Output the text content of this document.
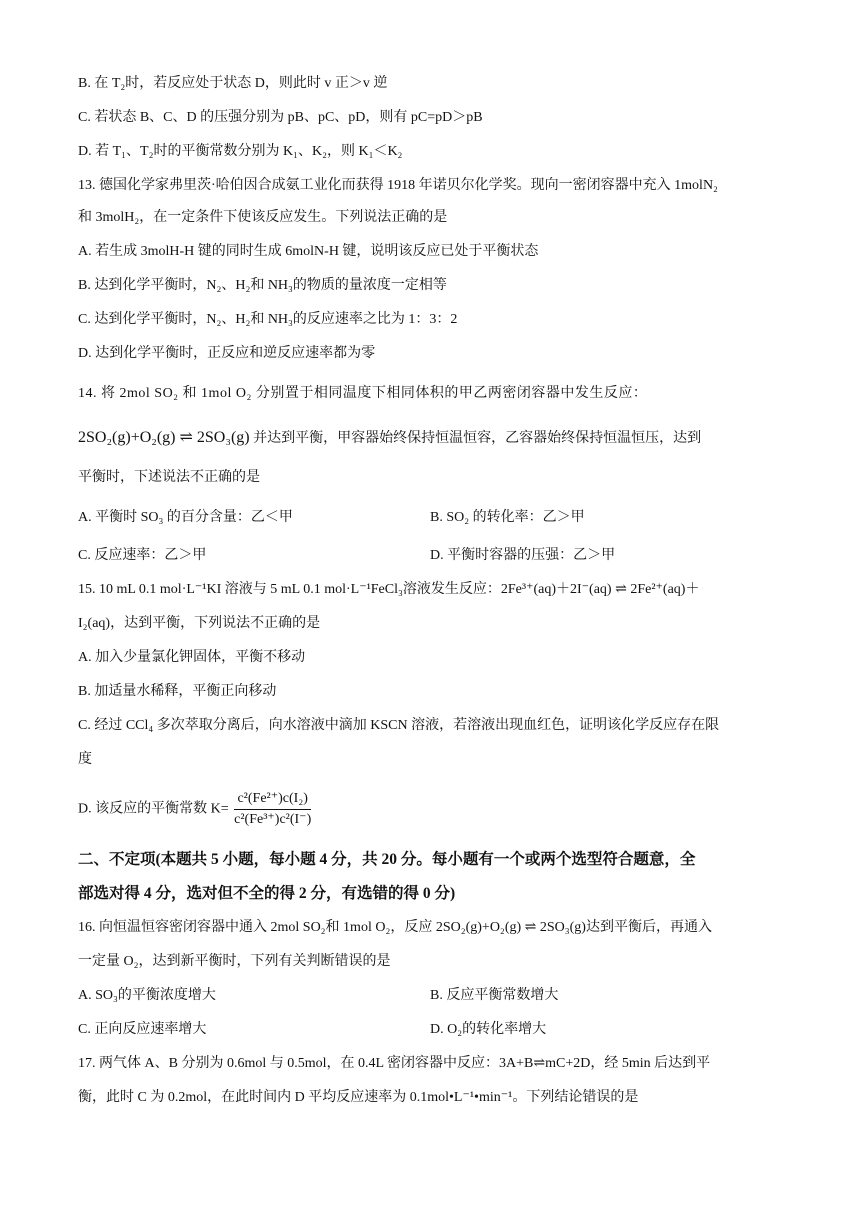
B. 在 T₂时，若反应处于状态 D，则此时 v 正＞v 逆
C. 若状态 B、C、D 的压强分别为 pB、pC、pD，则有 pC=pD＞pB
D. 若 T₁、T₂时的平衡常数分别为 K₁、K₂，则 K₁＜K₂
13. 德国化学家弗里茨·哈伯因合成氨工业化而获得 1918 年诺贝尔化学奖。现向一密闭容器中充入 1molN₂
和 3molH₂，在一定条件下使该反应发生。下列说法正确的是
A. 若生成 3molH-H 键的同时生成 6molN-H 键，说明该反应已处于平衡状态
B. 达到化学平衡时，N₂、H₂和 NH₃的物质的量浓度一定相等
C. 达到化学平衡时，N₂、H₂和 NH₃的反应速率之比为 1：3：2
D. 达到化学平衡时，正反应和逆反应速率都为零
14. 将 2mol SO₂ 和 1mol O₂ 分别置于相同温度下相同体积的甲乙两密闭容器中发生反应：
2SO₂(g)+O₂(g) ⇌ 2SO₃(g) 并达到平衡，甲容器始终保持恒温恒容，乙容器始终保持恒温恒压，达到
平衡时，下述说法不正确的是
A. 平衡时 SO₃ 的百分含量：乙＜甲	B. SO₂ 的转化率：乙＞甲
C. 反应速率：乙＞甲	D. 平衡时容器的压强：乙＞甲
15. 10 mL 0.1 mol·L⁻¹KI 溶液与 5 mL 0.1 mol·L⁻¹FeCl₃溶液发生反应：2Fe³⁺(aq)＋2I⁻(aq) ⇌ 2Fe²⁺(aq)＋
I₂(aq)，达到平衡，下列说法不正确的是
A. 加入少量氯化钾固体，平衡不移动
B. 加适量水稀释，平衡正向移动
C. 经过 CCl₄ 多次萃取分离后，向水溶液中滴加 KSCN 溶液，若溶液出现血红色，证明该化学反应存在限
度
D. 该反应的平衡常数 $K= \frac{\text{c²(Fe²⁺)c(I₂)}}{\text{c²(Fe³⁺)c²(I⁻)}}$
二、不定项(本题共 5 小题，每小题 4 分，共 20 分。每小题有一个或两个选型符合题意，全
部选对得 4 分，选对但不全的得 2 分，有选错的得 0 分)
16. 向恒温恒容密闭容器中通入 2mol SO₂和 1mol O₂，反应 2SO₂(g)+O₂(g) ⇌ 2SO₃(g)达到平衡后，再通入
一定量 O₂，达到新平衡时，下列有关判断错误的是
A. SO₃的平衡浓度增大	B. 反应平衡常数增大
C. 正向反应速率增大	D. O₂的转化率增大
17. 两气体 A、B 分别为 0.6mol 与 0.5mol，在 0.4L 密闭容器中反应：3A+B⇌mC+2D，经 5min 后达到平
衡，此时 C 为 0.2mol，在此时间内 D 平均反应速率为 0.1mol•L⁻¹•min⁻¹。下列结论错误的是
